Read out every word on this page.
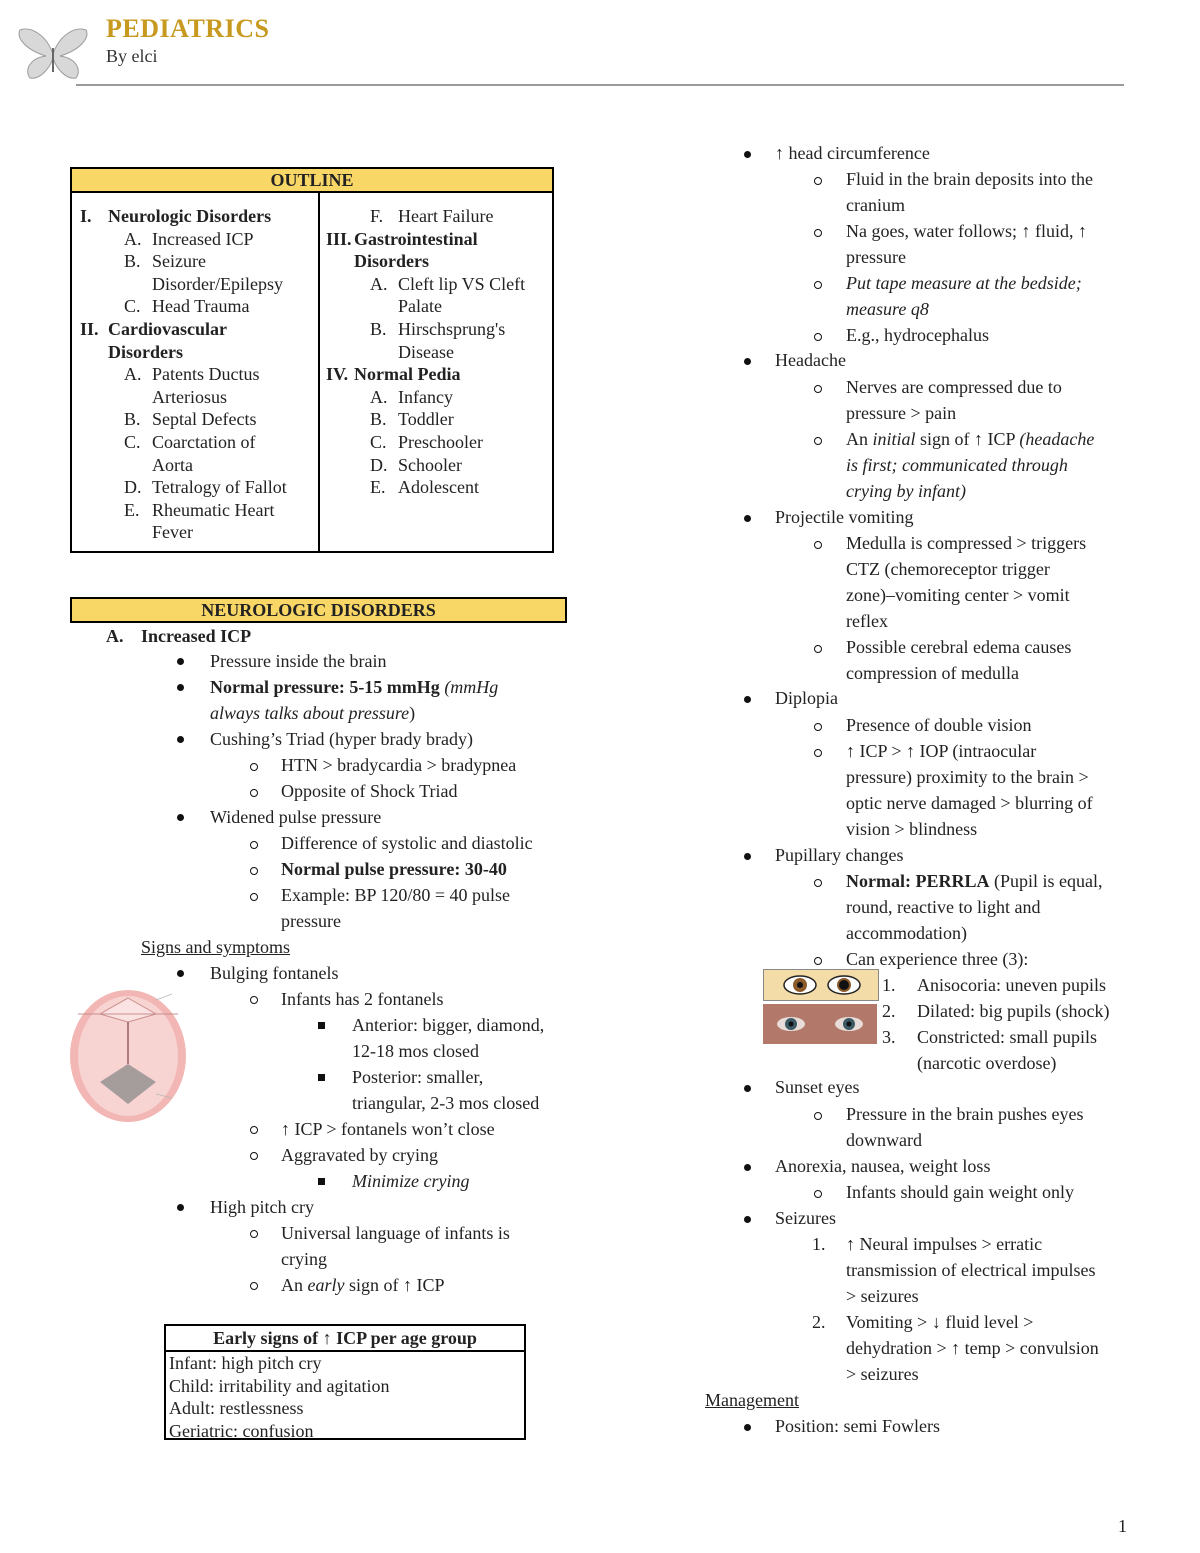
PEDIATRICS
By elci
OUTLINE
I. Neurologic Disorders
A. Increased ICP
B. Seizure
Disorder/Epilepsy
C. Head Trauma
II. Cardiovascular
Disorders
A. Patents Ductus
Arteriosus
B. Septal Defects
C. Coarctation of
Aorta
D. Tetralogy of Fallot
E. Rheumatic Heart
Fever
F. Heart Failure
III. Gastrointestinal
Disorders
A. Cleft lip VS Cleft
Palate
B. Hirschsprung's
Disease
IV. Normal Pedia
A. Infancy
B. Toddler
C. Preschooler
D. Schooler
E. Adolescent
NEUROLOGIC DISORDERS
A. Increased ICP
Pressure inside the brain
Normal pressure: 5-15 mmHg (mmHg
always talks about pressure)
Cushing’s Triad (hyper brady brady)
HTN > bradycardia > bradypnea
Opposite of Shock Triad
Widened pulse pressure
Difference of systolic and diastolic
Normal pulse pressure: 30-40
Example: BP 120/80 = 40 pulse
pressure
Signs and symptoms
Bulging fontanels
Infants has 2 fontanels
Anterior: bigger, diamond,
12-18 mos closed
Posterior: smaller,
triangular, 2-3 mos closed
↑ ICP > fontanels won’t close
Aggravated by crying
Minimize crying
High pitch cry
Universal language of infants is
crying
An early sign of ↑ ICP
Early signs of ↑ ICP per age group
Infant: high pitch cry
Child: irritability and agitation
Adult: restlessness
Geriatric: confusion
↑ head circumference
Fluid in the brain deposits into the
cranium
Na goes, water follows; ↑ fluid, ↑
pressure
Put tape measure at the bedside;
measure q8
E.g., hydrocephalus
Headache
Nerves are compressed due to
pressure > pain
An initial sign of ↑ ICP (headache
is first; communicated through
crying by infant)
Projectile vomiting
Medulla is compressed > triggers
CTZ (chemoreceptor trigger
zone)–vomiting center > vomit
reflex
Possible cerebral edema causes
compression of medulla
Diplopia
Presence of double vision
↑ ICP > ↑ IOP (intraocular
pressure) proximity to the brain >
optic nerve damaged > blurring of
vision > blindness
Pupillary changes
Normal: PERRLA (Pupil is equal,
round, reactive to light and
accommodation)
Can experience three (3):
1. Anisocoria: uneven pupils
2. Dilated: big pupils (shock)
3. Constricted: small pupils
(narcotic overdose)
Sunset eyes
Pressure in the brain pushes eyes
downward
Anorexia, nausea, weight loss
Infants should gain weight only
Seizures
1. ↑ Neural impulses > erratic
transmission of electrical impulses
> seizures
2. Vomiting > ↓ fluid level >
dehydration > ↑ temp > convulsion
> seizures
Management
Position: semi Fowlers
1
